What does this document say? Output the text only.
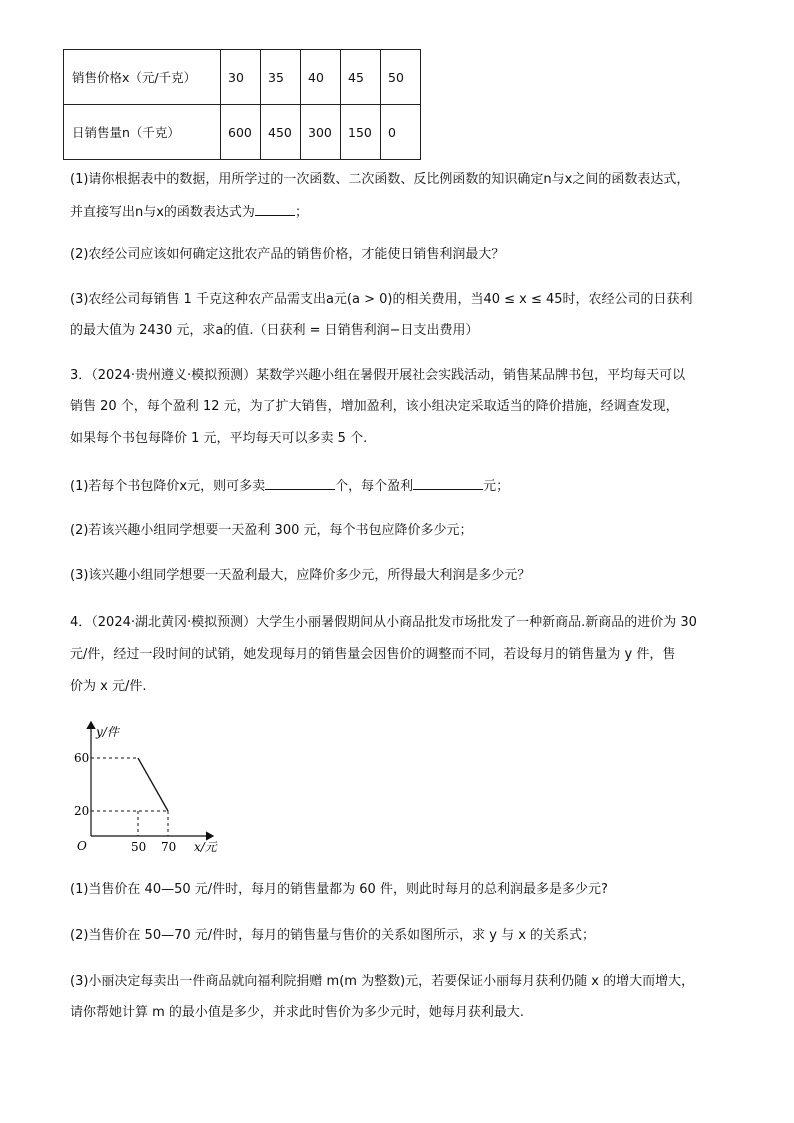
销售价格x（元/千克）	30	35	40	45	50
日销售量n（千克）	600	450	300	150	0
(1)请你根据表中的数据，用所学过的一次函数、二次函数、反比例函数的知识确定n与x之间的函数表达式，
并直接写出n与x的函数表达式为	；
(2)农经公司应该如何确定这批农产品的销售价格，才能使日销售利润最大？
(3)农经公司每销售 1 千克这种农产品需支出a元(a > 0)的相关费用，当40 ≤ x ≤ 45时，农经公司的日获利
的最大值为 2430 元，求a的值.（日获利 = 日销售利润−日支出费用）
3．（2024·贵州遵义·模拟预测）某数学兴趣小组在暑假开展社会实践活动，销售某品牌书包，平均每天可以
销售 20 个，每个盈利 12 元，为了扩大销售，增加盈利，该小组决定采取适当的降价措施，经调查发现，
如果每个书包每降价 1 元，平均每天可以多卖 5 个.
(1)若每个书包降价x元，则可多卖	个，每个盈利	元；
(2)若该兴趣小组同学想要一天盈利 300 元，每个书包应降价多少元；
(3)该兴趣小组同学想要一天盈利最大，应降价多少元，所得最大利润是多少元？
4．（2024·湖北黄冈·模拟预测）大学生小丽暑假期间从小商品批发市场批发了一种新商品.新商品的进价为 30
元/件，经过一段时间的试销，她发现每月的销售量会因售价的调整而不同，若设每月的销售量为 y 件，售
价为 x 元/件.
y/件
60
20
O	50 70 x/元
(1)当售价在 40—50 元/件时，每月的销售量都为 60 件，则此时每月的总利润最多是多少元?
(2)当售价在 50—70 元/件时，每月的销售量与售价的关系如图所示，求 y 与 x 的关系式；
(3)小丽决定每卖出一件商品就向福利院捐赠 m(m 为整数)元，若要保证小丽每月获利仍随 x 的增大而增大，
请你帮她计算 m 的最小值是多少，并求此时售价为多少元时，她每月获利最大.
